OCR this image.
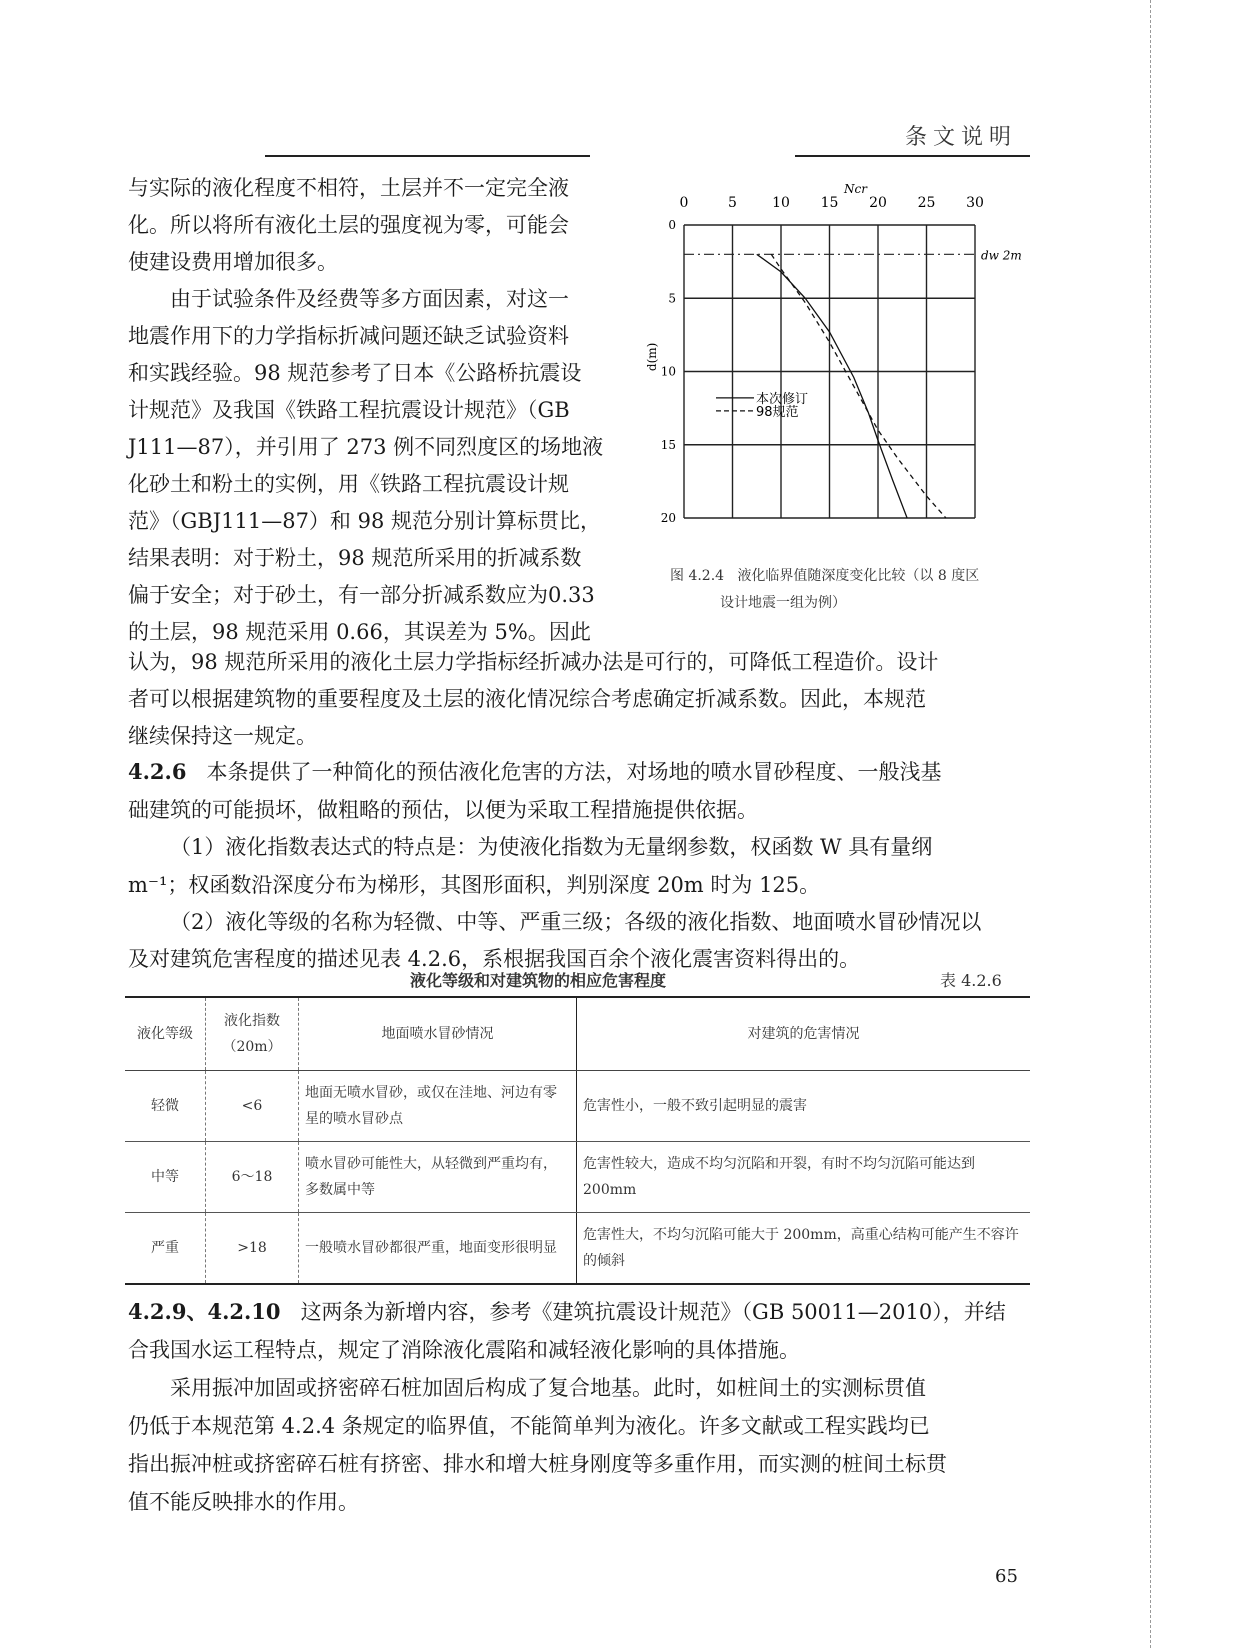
条文说明
与实际的液化程度不相符，土层并不一定完全液
化。所以将所有液化土层的强度视为零，可能会
使建设费用增加很多。
由于试验条件及经费等多方面因素，对这一
地震作用下的力学指标折减问题还缺乏试验资料
和实践经验。98 规范参考了日本《公路桥抗震设
计规范》及我国《铁路工程抗震设计规范》（GB
J111—87），并引用了 273 例不同烈度区的场地液
化砂土和粉土的实例，用《铁路工程抗震设计规
范》（GBJ111—87）和 98 规范分别计算标贯比，
结果表明：对于粉土，98 规范所采用的折减系数
偏于安全；对于砂土，有一部分折减系数应为0.33
的土层，98 规范采用 0.66，其误差为 5%。因此
认为，98 规范所采用的液化土层力学指标经折减办法是可行的，可降低工程造价。设计
者可以根据建筑物的重要程度及土层的液化情况综合考虑确定折减系数。因此，本规范
继续保持这一规定。
4.2.6 本条提供了一种简化的预估液化危害的方法，对场地的喷水冒砂程度、一般浅基
础建筑的可能损坏，做粗略的预估，以便为采取工程措施提供依据。
（1）液化指数表达式的特点是：为使液化指数为无量纲参数，权函数 W 具有量纲
m⁻¹；权函数沿深度分布为梯形，其图形面积，判别深度 20m 时为 125。
（2）液化等级的名称为轻微、中等、严重三级；各级的液化指数、地面喷水冒砂情况以
及对建筑危害程度的描述见表 4.2.6，系根据我国百余个液化震害资料得出的。
0	5	10 15 20 25 30
0
5
10
15
20
Ncr
d(m)
dw 2m
本次修订
98规范
图 4.2.4 液化临界值随深度变化比较（以 8 度区
设计地震一组为例）
液化等级和对建筑物的相应危害程度	表 4.2.6
液化等级	液化指数（20m）	地面喷水冒砂情况	对建筑的危害情况
轻微	<6	地面无喷水冒砂，或仅在洼地、河边有零星的喷水冒砂点	危害性小，一般不致引起明显的震害
中等	6～18	喷水冒砂可能性大，从轻微到严重均有，多数属中等	危害性较大，造成不均匀沉陷和开裂，有时不均匀沉陷可能达到 200mm
严重	>18	一般喷水冒砂都很严重，地面变形很明显	危害性大，不均匀沉陷可能大于 200mm，高重心结构可能产生不容许的倾斜
4.2.9、4.2.10 这两条为新增内容，参考《建筑抗震设计规范》（GB 50011—2010），并结
合我国水运工程特点，规定了消除液化震陷和减轻液化影响的具体措施。
采用振冲加固或挤密碎石桩加固后构成了复合地基。此时，如桩间土的实测标贯值
仍低于本规范第 4.2.4 条规定的临界值，不能简单判为液化。许多文献或工程实践均已
指出振冲桩或挤密碎石桩有挤密、排水和增大桩身刚度等多重作用，而实测的桩间土标贯
值不能反映排水的作用。
65
